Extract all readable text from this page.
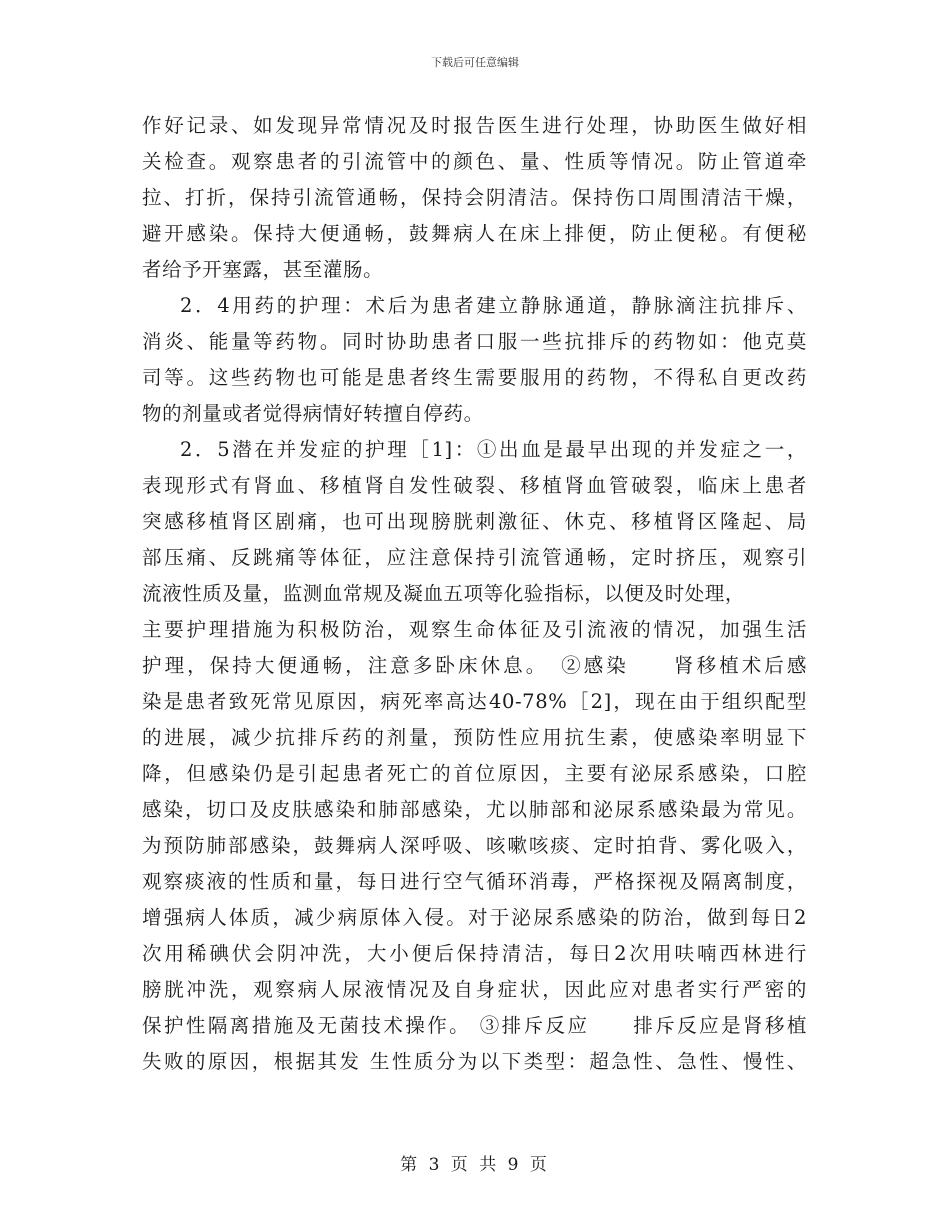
下载后可任意编辑
作好记录、如发现异常情况及时报告医生进行处理，协助医生做好相
关检查。观察患者的引流管中的颜色、量、性质等情况。防止管道牵
拉、打折，保持引流管通畅，保持会阴清洁。保持伤口周围清洁干燥，
避开感染。保持大便通畅，鼓舞病人在床上排便，防止便秘。有便秘
者给予开塞露，甚至灌肠。
2．4用药的护理：术后为患者建立静脉通道，静脉滴注抗排斥、
消炎、能量等药物。同时协助患者口服一些抗排斥的药物如：他克莫
司等。这些药物也可能是患者终生需要服用的药物，不得私自更改药
物的剂量或者觉得病情好转擅自停药。
2．5潜在并发症的护理［1]：①出血是最早出现的并发症之一，
表现形式有肾血、移植肾自发性破裂、移植肾血管破裂，临床上患者
突感移植肾区剧痛，也可出现膀胱刺激征、休克、移植肾区隆起、局
部压痛、反跳痛等体征，应注意保持引流管通畅，定时挤压，观察引
流液性质及量，监测血常规及凝血五项等化验指标，以便及时处理，
主要护理措施为积极防治，观察生命体征及引流液的情况，加强生活
护理，保持大便通畅，注意多卧床休息。　②感染　　肾移植术后感
染是患者致死常见原因，病死率高达40-78%［2]，现在由于组织配型
的进展，减少抗排斥药的剂量，预防性应用抗生素，使感染率明显下
降，但感染仍是引起患者死亡的首位原因，主要有泌尿系感染，口腔
感染，切口及皮肤感染和肺部感染，尤以肺部和泌尿系感染最为常见。
为预防肺部感染，鼓舞病人深呼吸、咳嗽咳痰、定时拍背、雾化吸入，
观察痰液的性质和量，每日进行空气循环消毒，严格探视及隔离制度，
增强病人体质，减少病原体入侵。对于泌尿系感染的防治，做到每日2
次用稀碘伏会阴冲洗，大小便后保持清洁，每日2次用呋喃西林进行
膀胱冲洗，观察病人尿液情况及自身症状，因此应对患者实行严密的
保护性隔离措施及无菌技术操作。 ③排斥反应　　排斥反应是肾移植
失败的原因，根据其发 生性质分为以下类型：超急性、急性、慢性、
第 3 页 共 9 页
